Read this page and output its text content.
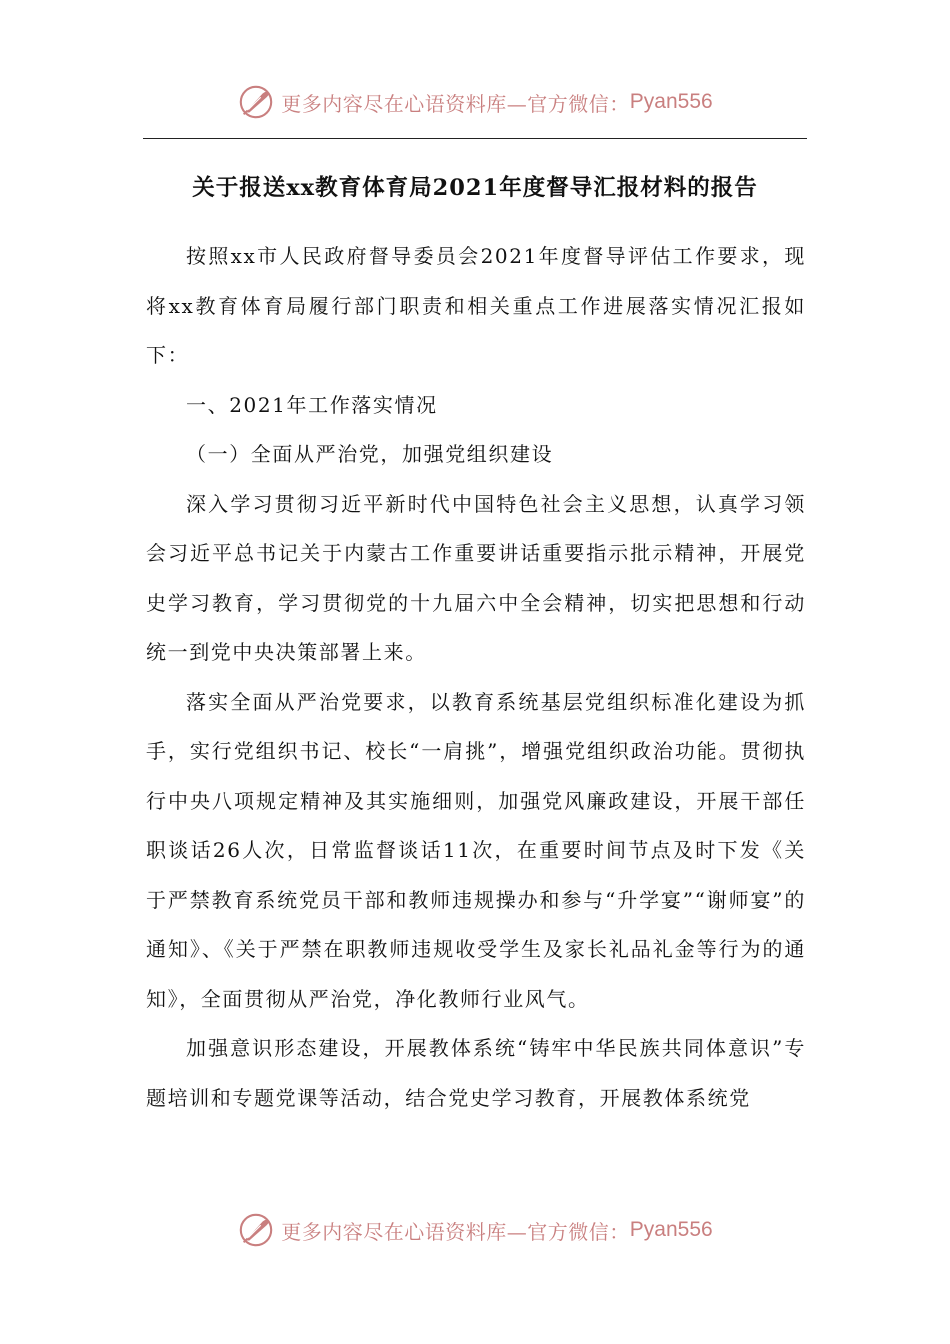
更多内容尽在心语资料库—官方微信： Pyan556
关于报送xx教育体育局2021年度督导汇报材料的报告

按照xx市人民政府督导委员会2021年度督导评估工作要求，现将xx教育体育局履行部门职责和相关重点工作进展落实情况汇报如下：

一、2021年工作落实情况

（一）全面从严治党，加强党组织建设

深入学习贯彻习近平新时代中国特色社会主义思想，认真学习领会习近平总书记关于内蒙古工作重要讲话重要指示批示精神，开展党史学习教育，学习贯彻党的十九届六中全会精神，切实把思想和行动统一到党中央决策部署上来。

落实全面从严治党要求，以教育系统基层党组织标准化建设为抓手，实行党组织书记、校长“一肩挑”，增强党组织政治功能。贯彻执行中央八项规定精神及其实施细则，加强党风廉政建设，开展干部任职谈话26人次，日常监督谈话11次，在重要时间节点及时下发《关于严禁教育系统党员干部和教师违规操办和参与“升学宴”“谢师宴”的通知》、《关于严禁在职教师违规收受学生及家长礼品礼金等行为的通知》，全面贯彻从严治党，净化教师行业风气。

加强意识形态建设，开展教体系统“铸牢中华民族共同体意识”专题培训和专题党课等活动，结合党史学习教育，开展教体系统党

更多内容尽在心语资料库—官方微信： Pyan556
